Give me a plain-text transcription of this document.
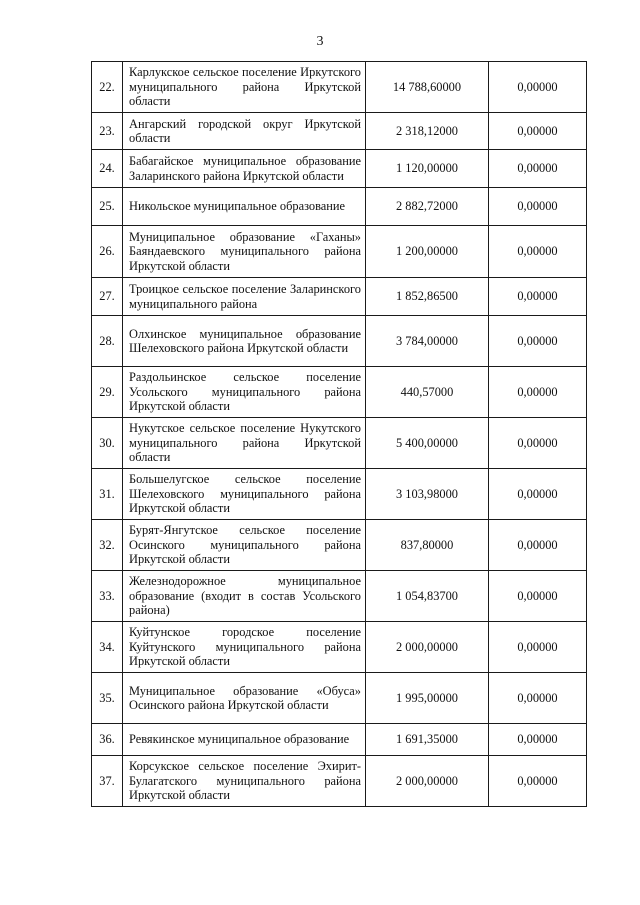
3
22.	Карлукское сельское поселение Иркутского муниципального района Иркутской области	14 788,60000	0,00000
23.	Ангарский городской округ Иркутской области	2 318,12000	0,00000
24.	Бабагайское муниципальное образование Заларинского района Иркутской области	1 120,00000	0,00000
25.	Никольское муниципальное образование	2 882,72000	0,00000
26.	Муниципальное образование «Гаханы» Баяндаевского муниципального района Иркутской области	1 200,00000	0,00000
27.	Троицкое сельское поселение Заларинского муниципального района	1 852,86500	0,00000
28.	Олхинское муниципальное образование Шелеховского района Иркутской области	3 784,00000	0,00000
29.	Раздольинское сельское поселение Усольского муниципального района Иркутской области	440,57000	0,00000
30.	Нукутское сельское поселение Нукутского муниципального района Иркутской области	5 400,00000	0,00000
31.	Большелугское сельское поселение Шелеховского муниципального района Иркутской области	3 103,98000	0,00000
32.	Бурят-Янгутское сельское поселение Осинского муниципального района Иркутской области	837,80000	0,00000
33.	Железнодорожное муниципальное образование (входит в состав Усольского района)	1 054,83700	0,00000
34.	Куйтунское городское поселение Куйтунского муниципального района Иркутской области	2 000,00000	0,00000
35.	Муниципальное образование «Обуса» Осинского района Иркутской области	1 995,00000	0,00000
36.	Ревякинское муниципальное образование	1 691,35000	0,00000
37.	Корсукское сельское поселение Эхирит-Булагатского муниципального района Иркутской области	2 000,00000	0,00000
